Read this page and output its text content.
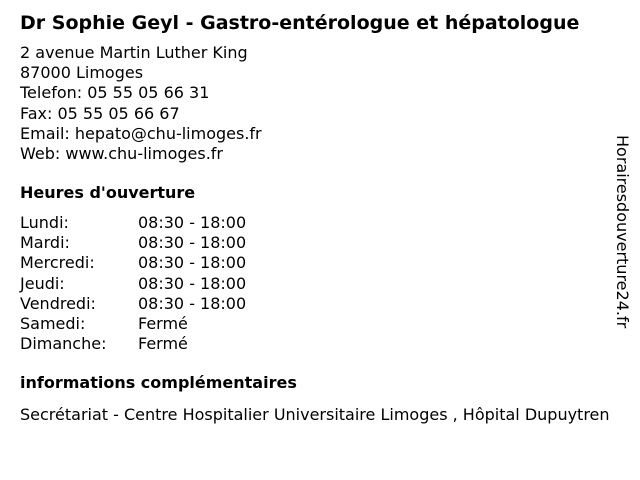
Dr Sophie Geyl - Gastro-entérologue et hépatologue
2 avenue Martin Luther King
87000 Limoges
Telefon: 05 55 05 66 31
Fax: 05 55 05 66 67
Email: hepato@chu-limoges.fr
Web: www.chu-limoges.fr
Heures d'ouverture
Lundi:	08:30 - 18:00
Mardi:	08:30 - 18:00
Mercredi:	08:30 - 18:00
Jeudi:	08:30 - 18:00
Vendredi:	08:30 - 18:00
Samedi:	Fermé
Dimanche: Fermé
informations complémentaires
Secrétariat - Centre Hospitalier Universitaire Limoges , Hôpital Dupuytren
Horairesdouverture24.fr
